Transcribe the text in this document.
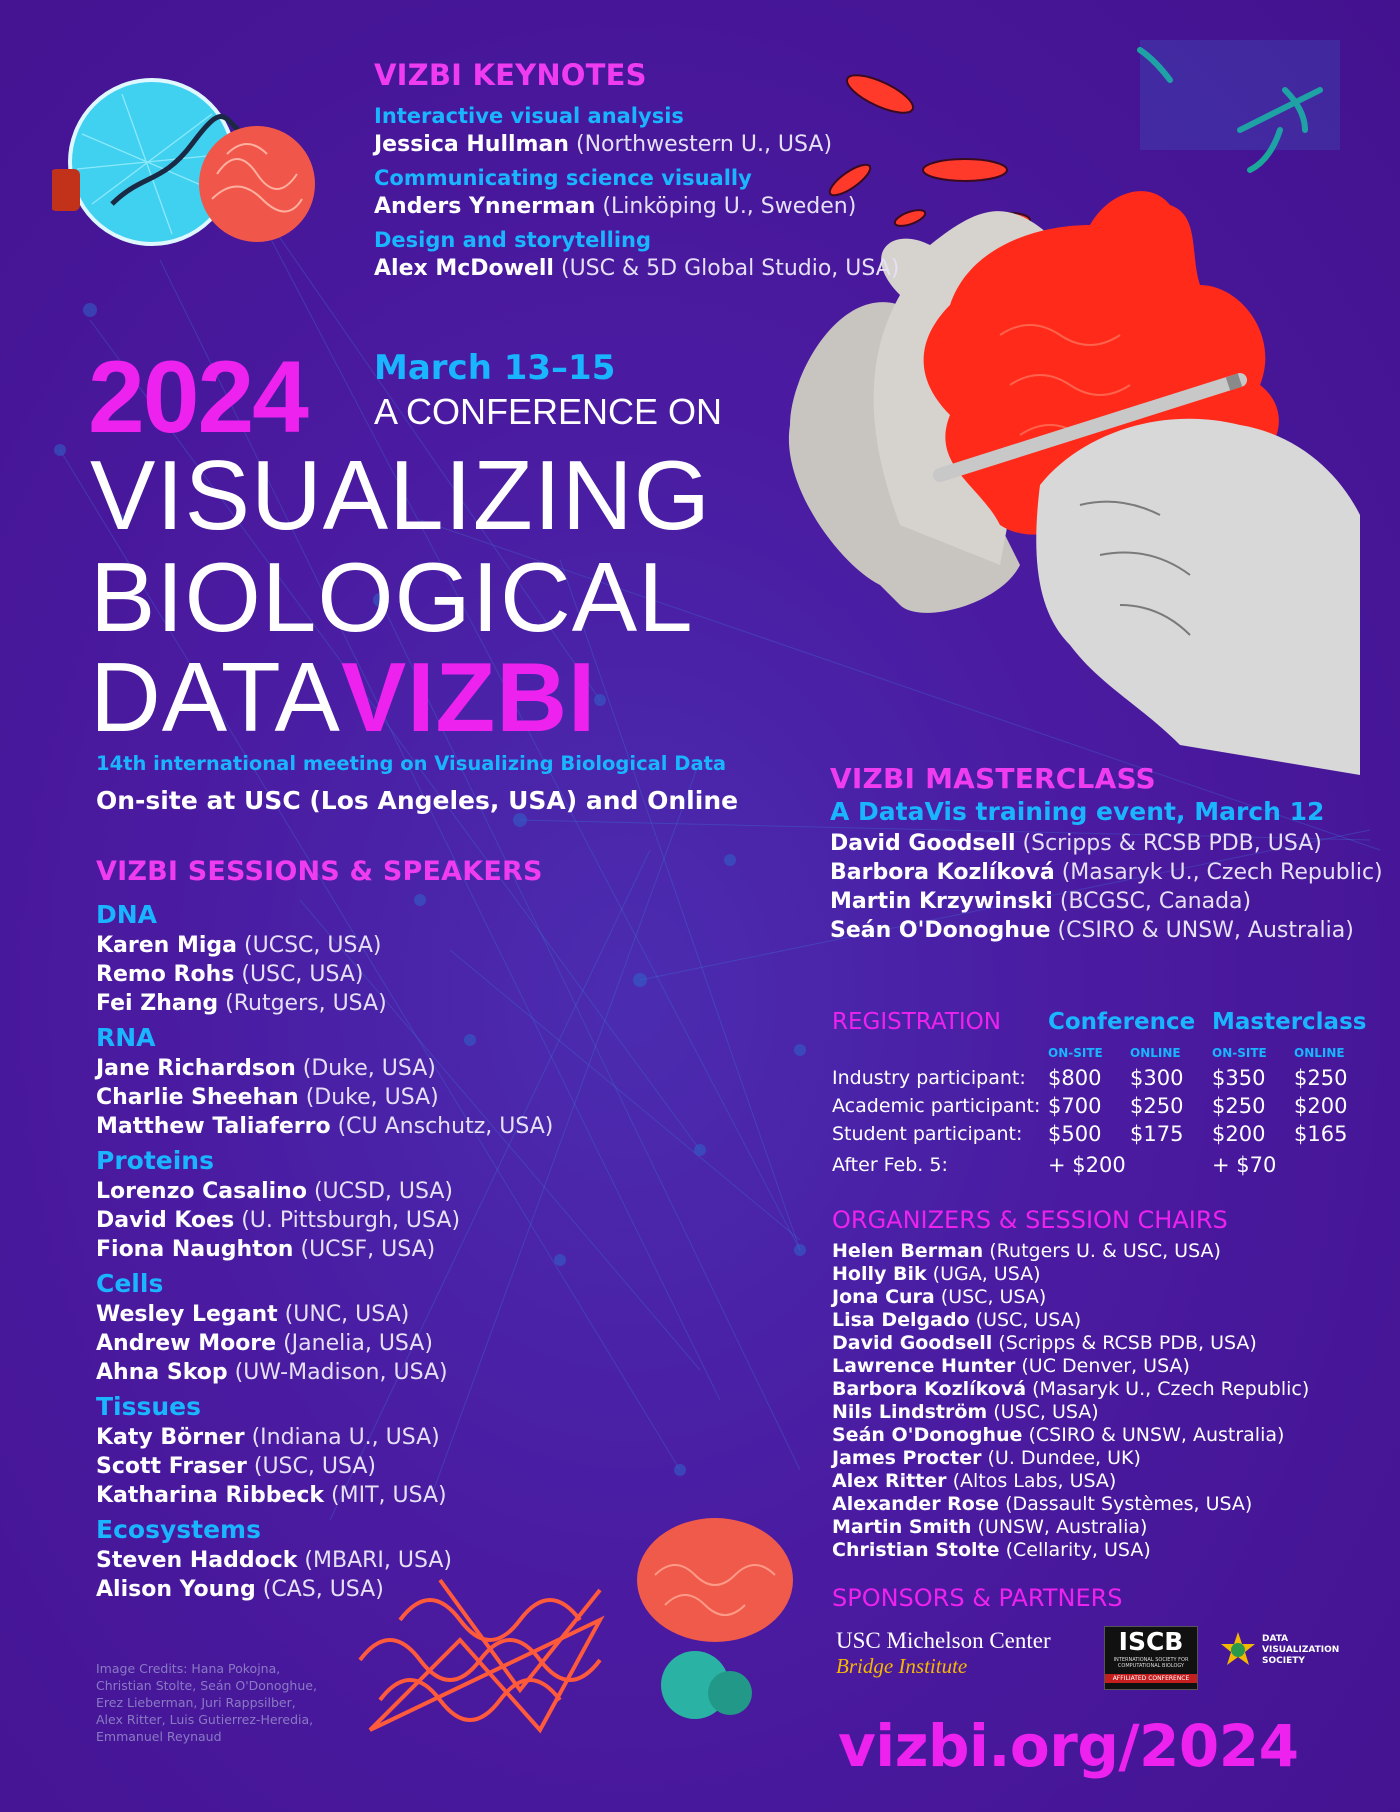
VIZBI KEYNOTES
Interactive visual analysis
Jessica Hullman (Northwestern U., USA)
Communicating science visually
Anders Ynnerman (Linköping U., Sweden)
Design and storytelling
Alex McDowell (USC & 5D Global Studio, USA)
2024 March 13–15
A CONFERENCE ON
VISUALIZING
BIOLOGICAL
DATAVIZBI
14th international meeting on Visualizing Biological Data
On-site at USC (Los Angeles, USA) and Online
VIZBI SESSIONS & SPEAKERS
DNA
Karen Miga (UCSC, USA)
Remo Rohs (USC, USA)
Fei Zhang (Rutgers, USA)
RNA
Jane Richardson (Duke, USA)
Charlie Sheehan (Duke, USA)
Matthew Taliaferro (CU Anschutz, USA)
Proteins
Lorenzo Casalino (UCSD, USA)
David Koes (U. Pittsburgh, USA)
Fiona Naughton (UCSF, USA)
Cells
Wesley Legant (UNC, USA)
Andrew Moore (Janelia, USA)
Ahna Skop (UW-Madison, USA)
Tissues
Katy Börner (Indiana U., USA)
Scott Fraser (USC, USA)
Katharina Ribbeck (MIT, USA)
Ecosystems
Steven Haddock (MBARI, USA)
Alison Young (CAS, USA)
Image Credits: Hana Pokojna,
Christian Stolte, Seán O'Donoghue,
Erez Lieberman, Juri Rappsilber,
Alex Ritter, Luis Gutierrez-Heredia,
Emmanuel Reynaud
VIZBI MASTERCLASS
A DataVis training event, March 12
David Goodsell (Scripps & RCSB PDB, USA)
Barbora Kozlíková (Masaryk U., Czech Republic)
Martin Krzywinski (BCGSC, Canada)
Seán O'Donoghue (CSIRO & UNSW, Australia)
REGISTRATION	Conference		Masterclass	
	ON-SITE	ONLINE	ON-SITE	ONLINE
Industry participant:	$800	$300	$350	$250
Academic participant:	$700	$250	$250	$200
Student participant:	$500	$175	$200	$165
After Feb. 5:	+ $200		+ $70	
ORGANIZERS & SESSION CHAIRS
Helen Berman (Rutgers U. & USC, USA)
Holly Bik (UGA, USA)
Jona Cura (USC, USA)
Lisa Delgado (USC, USA)
David Goodsell (Scripps & RCSB PDB, USA)
Lawrence Hunter (UC Denver, USA)
Barbora Kozlíková (Masaryk U., Czech Republic)
Nils Lindström (USC, USA)
Seán O'Donoghue (CSIRO & UNSW, Australia)
James Procter (U. Dundee, UK)
Alex Ritter (Altos Labs, USA)
Alexander Rose (Dassault Systèmes, USA)
Martin Smith (UNSW, Australia)
Christian Stolte (Cellarity, USA)
SPONSORS & PARTNERS
USC Michelson Center
Bridge Institute
ISCB
INTERNATIONAL SOCIETY FOR COMPUTATIONAL BIOLOGY
AFFILIATED CONFERENCE
DATA VISUALIZATION SOCIETY
vizbi.org/2024
